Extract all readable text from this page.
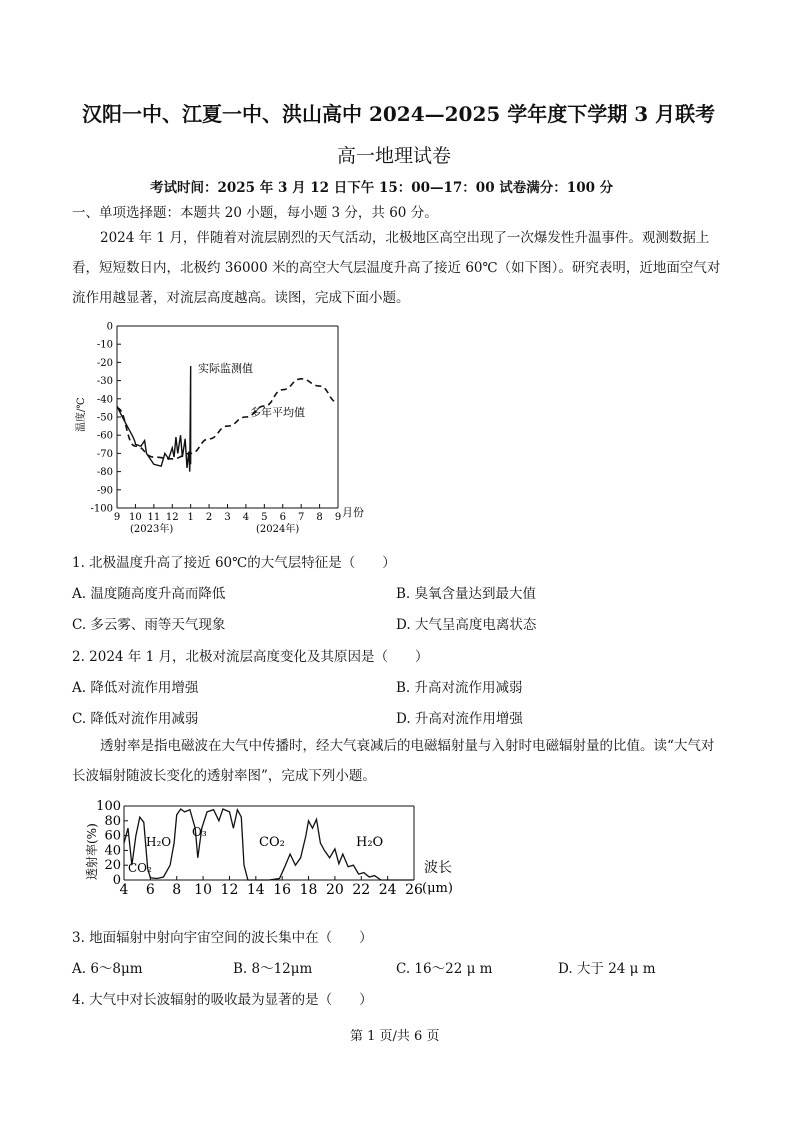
汉阳一中、江夏一中、洪山高中 2024—2025 学年度下学期 3 月联考
高一地理试卷
考试时间：2025 年 3 月 12 日下午 15：00—17：00 试卷满分：100 分
一、单项选择题：本题共 20 小题，每小题 3 分，共 60 分。
2024 年 1 月，伴随着对流层剧烈的天气活动，北极地区高空出现了一次爆发性升温事件。观测数据上看，短短数日内，北极约 36000 米的高空大气层温度升高了接近 60℃（如下图）。研究表明，近地面空气对流作用越显著，对流层高度越高。读图，完成下面小题。
0
-10
-20
-30
-40
-50
-60
-70
-80
-90
-100
9 10 11 12 1 2 3 4 5 6 7 8 9
温度/℃
月份
(2023年)	(2024年)
实际监测值
多年平均值
1. 北极温度升高了接近 60℃的大气层特征是（　　）
A. 温度随高度升高而降低	B. 臭氧含量达到最大值
C. 多云雾、雨等天气现象	D. 大气呈高度电离状态
2. 2024 年 1 月，北极对流层高度变化及其原因是（　　）
A. 降低对流作用增强	B. 升高对流作用减弱
C. 降低对流作用减弱	D. 升高对流作用增强
透射率是指电磁波在大气中传播时，经大气衰减后的电磁辐射量与入射时电磁辐射量的比值。读“大气对长波辐射随波长变化的透射率图”，完成下列小题。
100
80
60
40
20
0
4 6 8 10 12 14 16 18 20 22 24 26
透射率(%)	H₂O
CO₂
O₃
CO₂	H₂O
波长
(μm)
3. 地面辐射中射向宇宙空间的波长集中在（　　）
A. 6～8μm	B. 8～12μm	C. 16～22 μ m	D. 大于 24 μ m
4. 大气中对长波辐射的吸收最为显著的是（　　）
第 1 页/共 6 页
